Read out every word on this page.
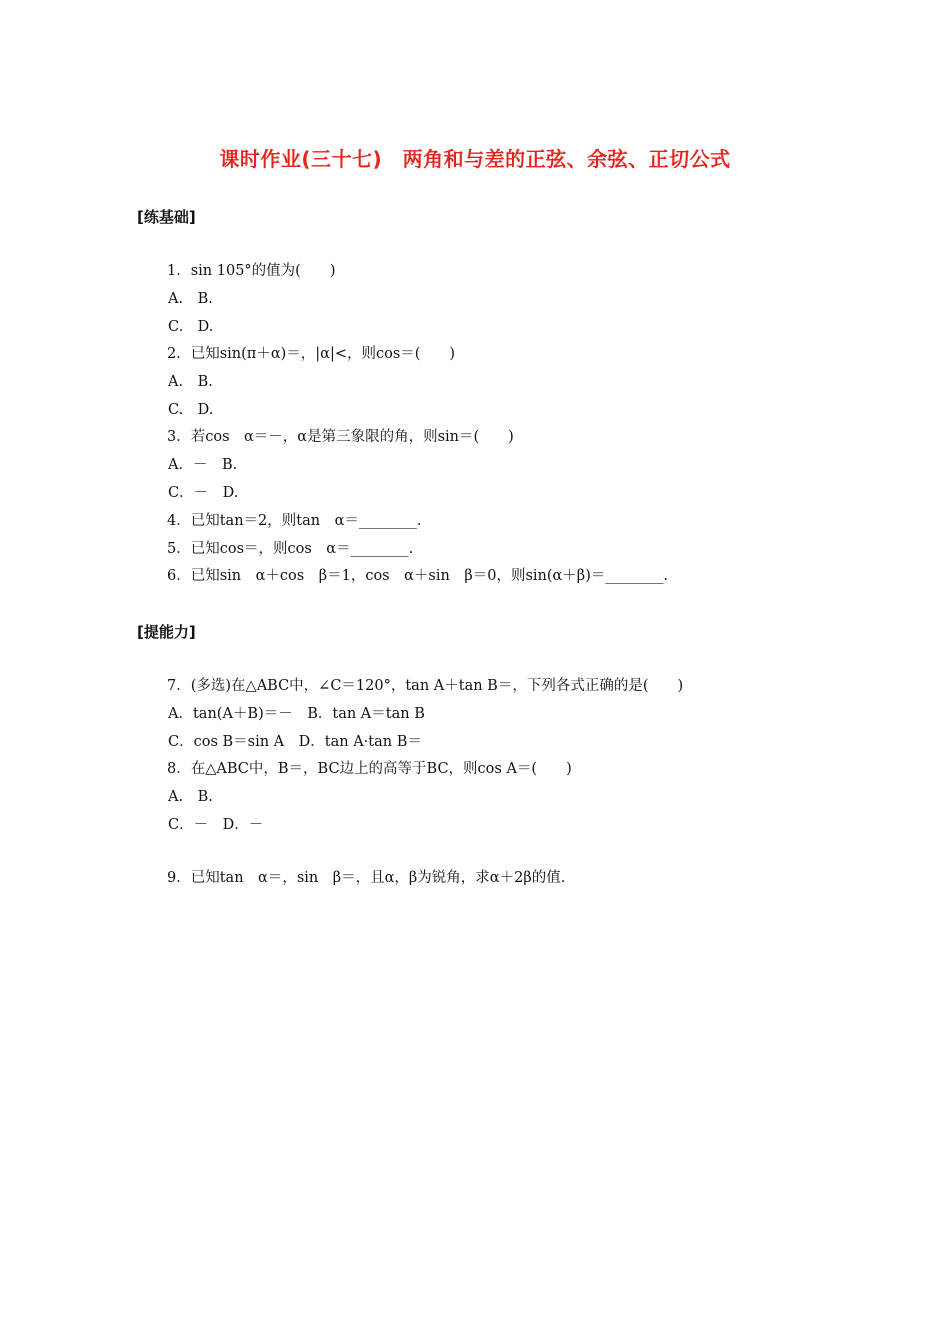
课时作业(三十七)　两角和与差的正弦、余弦、正切公式
[练基础]
1．sin 105°的值为(　　)
A.　B.
C.　D.
2．已知sin(π＋α)＝，|α|<，则cos＝(　　)
A.　B.
C.　D.
3．若cos　α＝－，α是第三象限的角，则sin＝(　　)
A．－　B.
C．－　D.
4．已知tan＝2，则tan　α＝________.
5．已知cos＝，则cos　α＝________.
6．已知sin　α＋cos　β＝1，cos　α＋sin　β＝0，则sin(α＋β)＝________.
[提能力]
7．(多选)在△ABC中，∠C＝120°，tan A＋tan B＝，下列各式正确的是(　　)
A．tan(A＋B)＝－　B．tan A＝tan B
C．cos B＝sin A　D．tan A·tan B＝
8．在△ABC中，B＝，BC边上的高等于BC，则cos A＝(　　)
A.　B.
C．－　D．－
9．已知tan　α＝，sin　β＝，且α，β为锐角，求α＋2β的值.
